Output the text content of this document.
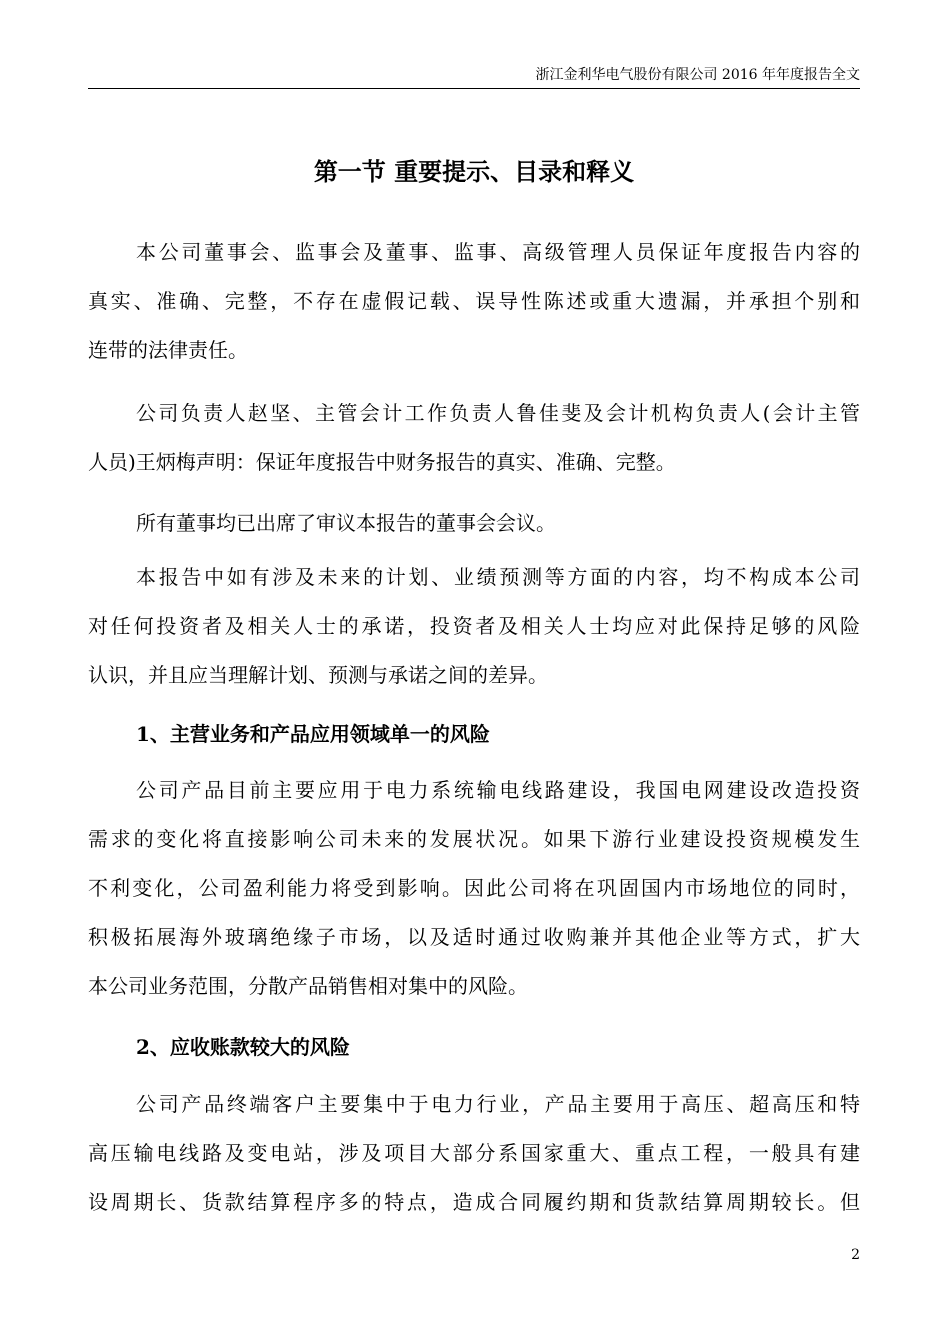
浙江金利华电气股份有限公司 2016 年年度报告全文
第一节 重要提示、目录和释义
本公司董事会、监事会及董事、监事、高级管理人员保证年度报告内容的
真实、准确、完整，不存在虚假记载、误导性陈述或重大遗漏，并承担个别和
连带的法律责任。
公司负责人赵坚、主管会计工作负责人鲁佳斐及会计机构负责人(会计主管
人员)王炳梅声明：保证年度报告中财务报告的真实、准确、完整。
所有董事均已出席了审议本报告的董事会会议。
本报告中如有涉及未来的计划、业绩预测等方面的内容，均不构成本公司
对任何投资者及相关人士的承诺，投资者及相关人士均应对此保持足够的风险
认识，并且应当理解计划、预测与承诺之间的差异。
1、主营业务和产品应用领域单一的风险
公司产品目前主要应用于电力系统输电线路建设，我国电网建设改造投资
需求的变化将直接影响公司未来的发展状况。如果下游行业建设投资规模发生
不利变化，公司盈利能力将受到影响。因此公司将在巩固国内市场地位的同时，
积极拓展海外玻璃绝缘子市场，以及适时通过收购兼并其他企业等方式，扩大
本公司业务范围，分散产品销售相对集中的风险。
2、应收账款较大的风险
公司产品终端客户主要集中于电力行业，产品主要用于高压、超高压和特
高压输电线路及变电站，涉及项目大部分系国家重大、重点工程，一般具有建
设周期长、货款结算程序多的特点，造成合同履约期和货款结算周期较长。但
2
